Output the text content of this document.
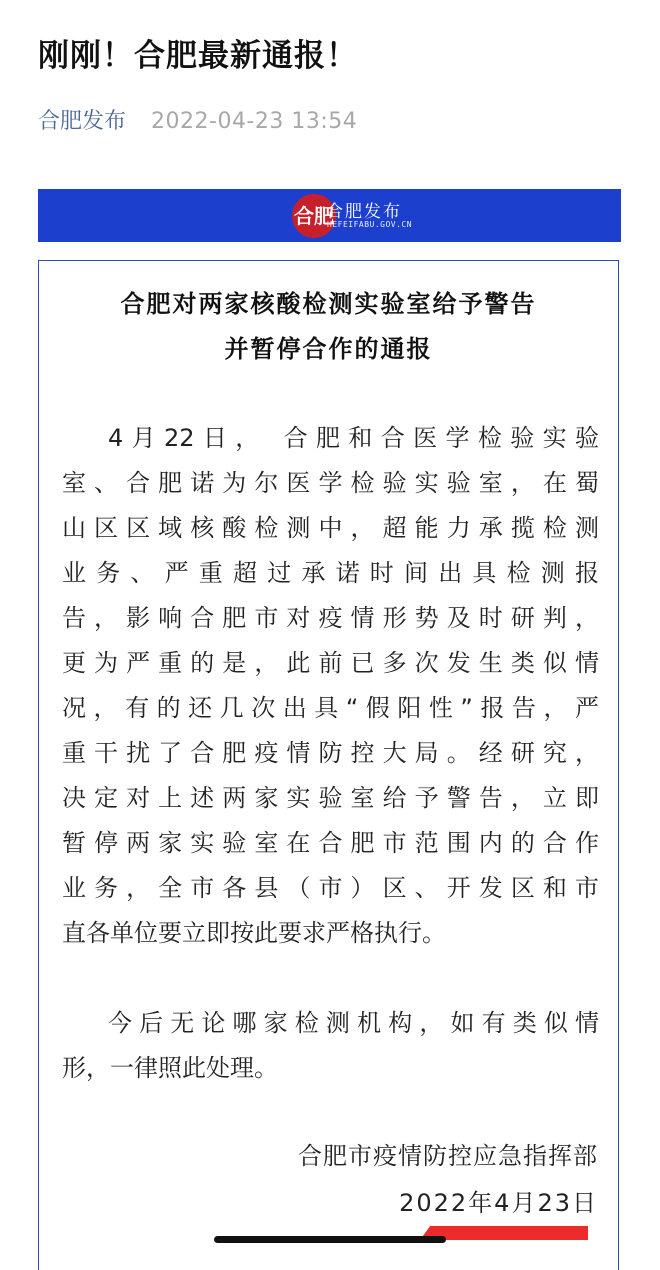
刚刚！合肥最新通报！
合肥发布 2022-04-23 13:54
合肥
合肥发布
HEFEIFABU.GOV.CN
合肥对两家核酸检测实验室给予警告
并暂停合作的通报
4月22日， 合肥和合医学检验实验
室、合肥诺为尔医学检验实验室，在蜀
山区区域核酸检测中，超能力承揽检测
业务、严重超过承诺时间出具检测报
告，影响合肥市对疫情形势及时研判，
更为严重的是，此前已多次发生类似情
况，有的还几次出具“假阳性”报告，严
重干扰了合肥疫情防控大局。经研究，
决定对上述两家实验室给予警告，立即
暂停两家实验室在合肥市范围内的合作
业务，全市各县（市）区、开发区和市
直各单位要立即按此要求严格执行。
今后无论哪家检测机构，如有类似情
形，一律照此处理。
合肥市疫情防控应急指挥部
2022年4月23日
